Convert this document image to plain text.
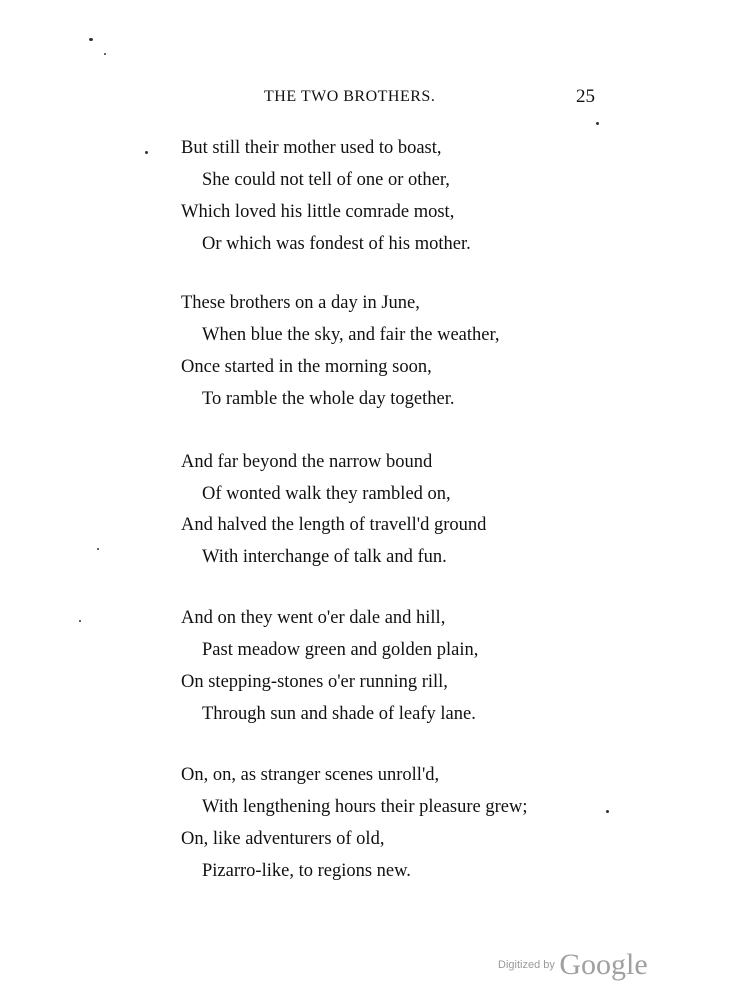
THE TWO BROTHERS.	25
But still their mother used to boast,
She could not tell of one or other,
Which loved his little comrade most,
Or which was fondest of his mother.
These brothers on a day in June,
When blue the sky, and fair the weather,
Once started in the morning soon,
To ramble the whole day together.
And far beyond the narrow bound
Of wonted walk they rambled on,
And halved the length of travell'd ground
With interchange of talk and fun.
And on they went o'er dale and hill,
Past meadow green and golden plain,
On stepping-stones o'er running rill,
Through sun and shade of leafy lane.
On, on, as stranger scenes unroll'd,
With lengthening hours their pleasure grew;
On, like adventurers of old,
Pizarro-like, to regions new.
Digitized by Google
